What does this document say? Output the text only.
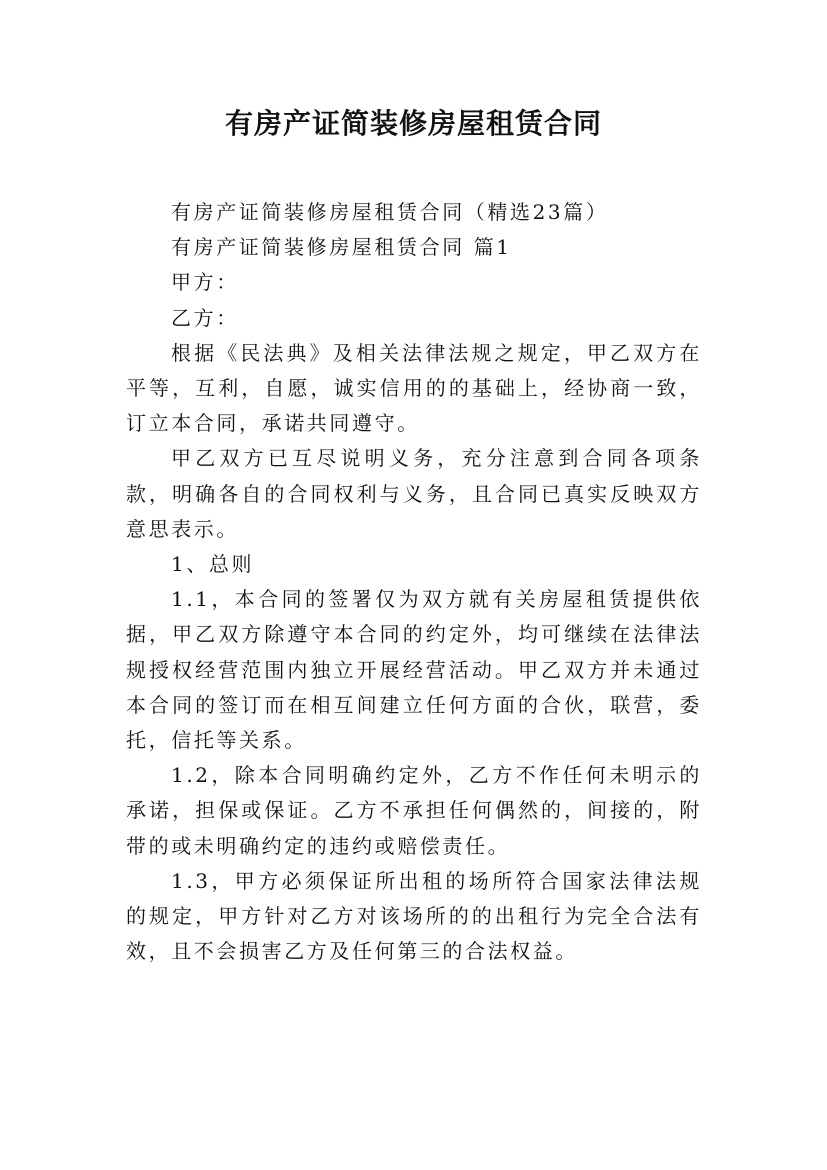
有房产证简装修房屋租赁合同

有房产证简装修房屋租赁合同（精选23篇）

有房产证简装修房屋租赁合同 篇1

甲方：

乙方：

根据《民法典》及相关法律法规之规定，甲乙双方在平等，互利，自愿，诚实信用的的基础上，经协商一致，订立本合同，承诺共同遵守。

甲乙双方已互尽说明义务，充分注意到合同各项条款，明确各自的合同权利与义务，且合同已真实反映双方意思表示。

1、总则

1.1，本合同的签署仅为双方就有关房屋租赁提供依据，甲乙双方除遵守本合同的约定外，均可继续在法律法规授权经营范围内独立开展经营活动。甲乙双方并未通过本合同的签订而在相互间建立任何方面的合伙，联营，委托，信托等关系。

1.2，除本合同明确约定外，乙方不作任何未明示的承诺，担保或保证。乙方不承担任何偶然的，间接的，附带的或未明确约定的违约或赔偿责任。

1.3，甲方必须保证所出租的场所符合国家法律法规的规定，甲方针对乙方对该场所的的出租行为完全合法有效，且不会损害乙方及任何第三的合法权益。
